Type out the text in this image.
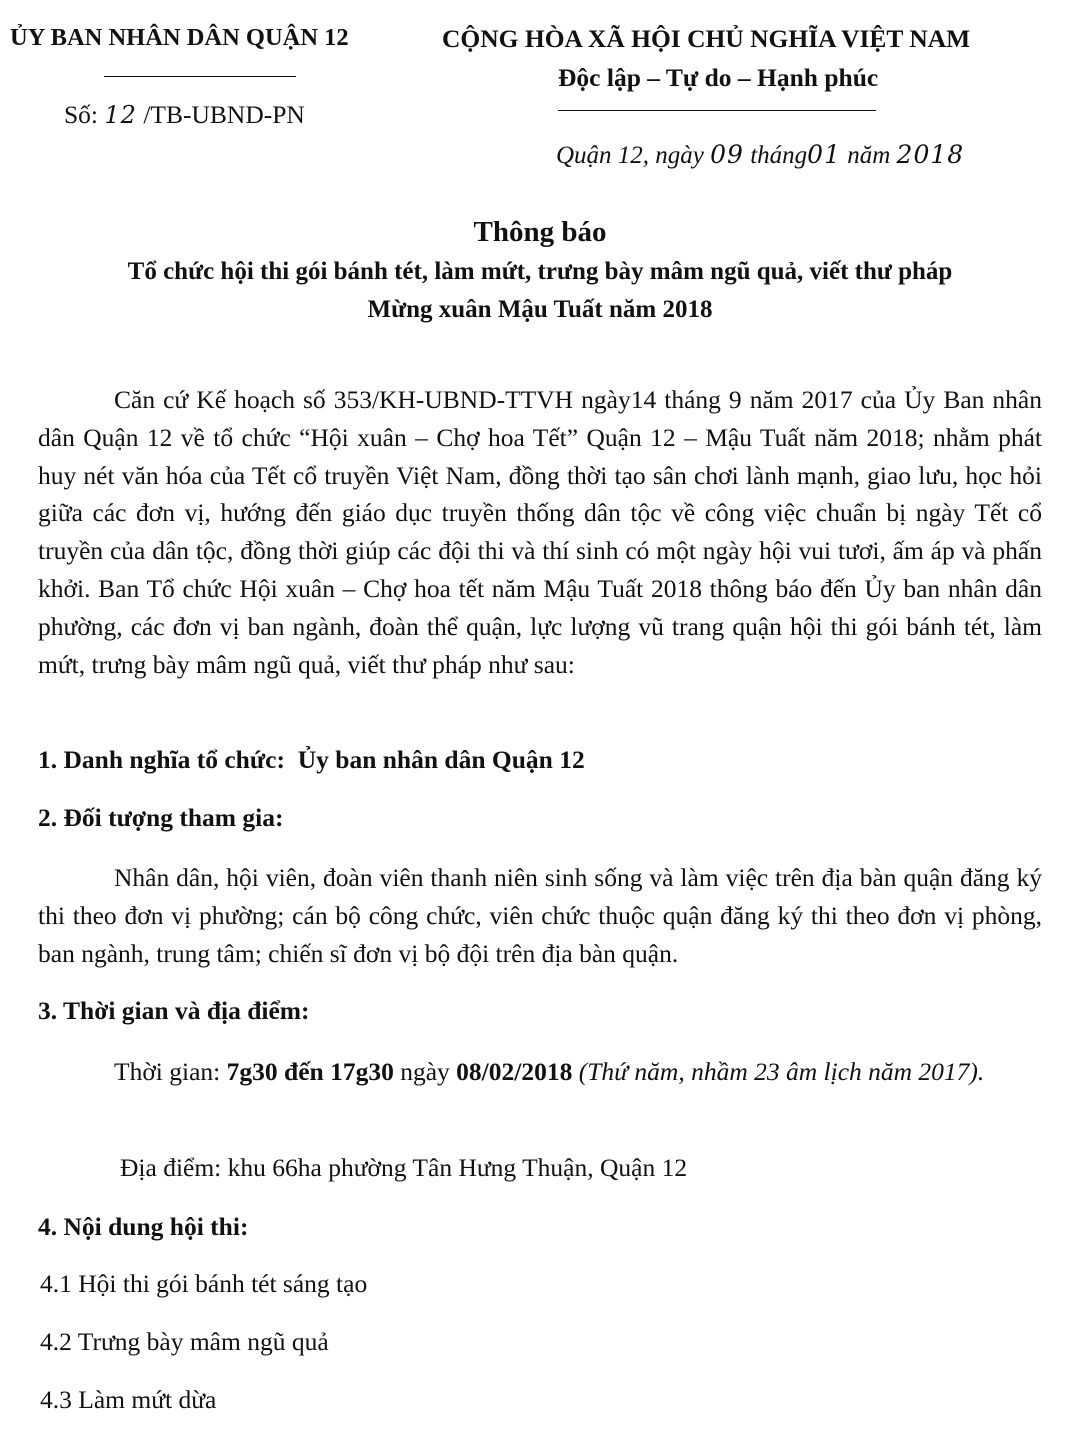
ỦY BAN NHÂN DÂN QUẬN 12
Số: 12 /TB-UBND-PN
CỘNG HÒA XÃ HỘI CHỦ NGHĨA VIỆT NAM
Độc lập – Tự do – Hạnh phúc
Quận 12, ngày 09 tháng01 năm 2018
Thông báo
Tổ chức hội thi gói bánh tét, làm mứt, trưng bày mâm ngũ quả, viết thư pháp
Mừng xuân Mậu Tuất năm 2018
Căn cứ Kế hoạch số 353/KH-UBND-TTVH ngày14 tháng 9 năm 2017 của Ủy Ban nhân dân Quận 12 về tổ chức “Hội xuân – Chợ hoa Tết” Quận 12 – Mậu Tuất năm 2018; nhằm phát huy nét văn hóa của Tết cổ truyền Việt Nam, đồng thời tạo sân chơi lành mạnh, giao lưu, học hỏi giữa các đơn vị, hướng đến giáo dục truyền thống dân tộc về công việc chuẩn bị ngày Tết cổ truyền của dân tộc, đồng thời giúp các đội thi và thí sinh có một ngày hội vui tươi, ấm áp và phấn khởi. Ban Tổ chức Hội xuân – Chợ hoa tết năm Mậu Tuất 2018 thông báo đến Ủy ban nhân dân phường, các đơn vị ban ngành, đoàn thể quận, lực lượng vũ trang quận hội thi gói bánh tét, làm mứt, trưng bày mâm ngũ quả, viết thư pháp như sau:
1. Danh nghĩa tổ chức: Ủy ban nhân dân Quận 12
2. Đối tượng tham gia:
Nhân dân, hội viên, đoàn viên thanh niên sinh sống và làm việc trên địa bàn quận đăng ký thi theo đơn vị phường; cán bộ công chức, viên chức thuộc quận đăng ký thi theo đơn vị phòng, ban ngành, trung tâm; chiến sĩ đơn vị bộ đội trên địa bàn quận.
3. Thời gian và địa điểm:
Thời gian: 7g30 đến 17g30 ngày 08/02/2018 (Thứ năm, nhầm 23 âm lịch năm 2017).
Địa điểm: khu 66ha phường Tân Hưng Thuận, Quận 12
4. Nội dung hội thi:
4.1 Hội thi gói bánh tét sáng tạo
4.2 Trưng bày mâm ngũ quả
4.3 Làm mứt dừa
